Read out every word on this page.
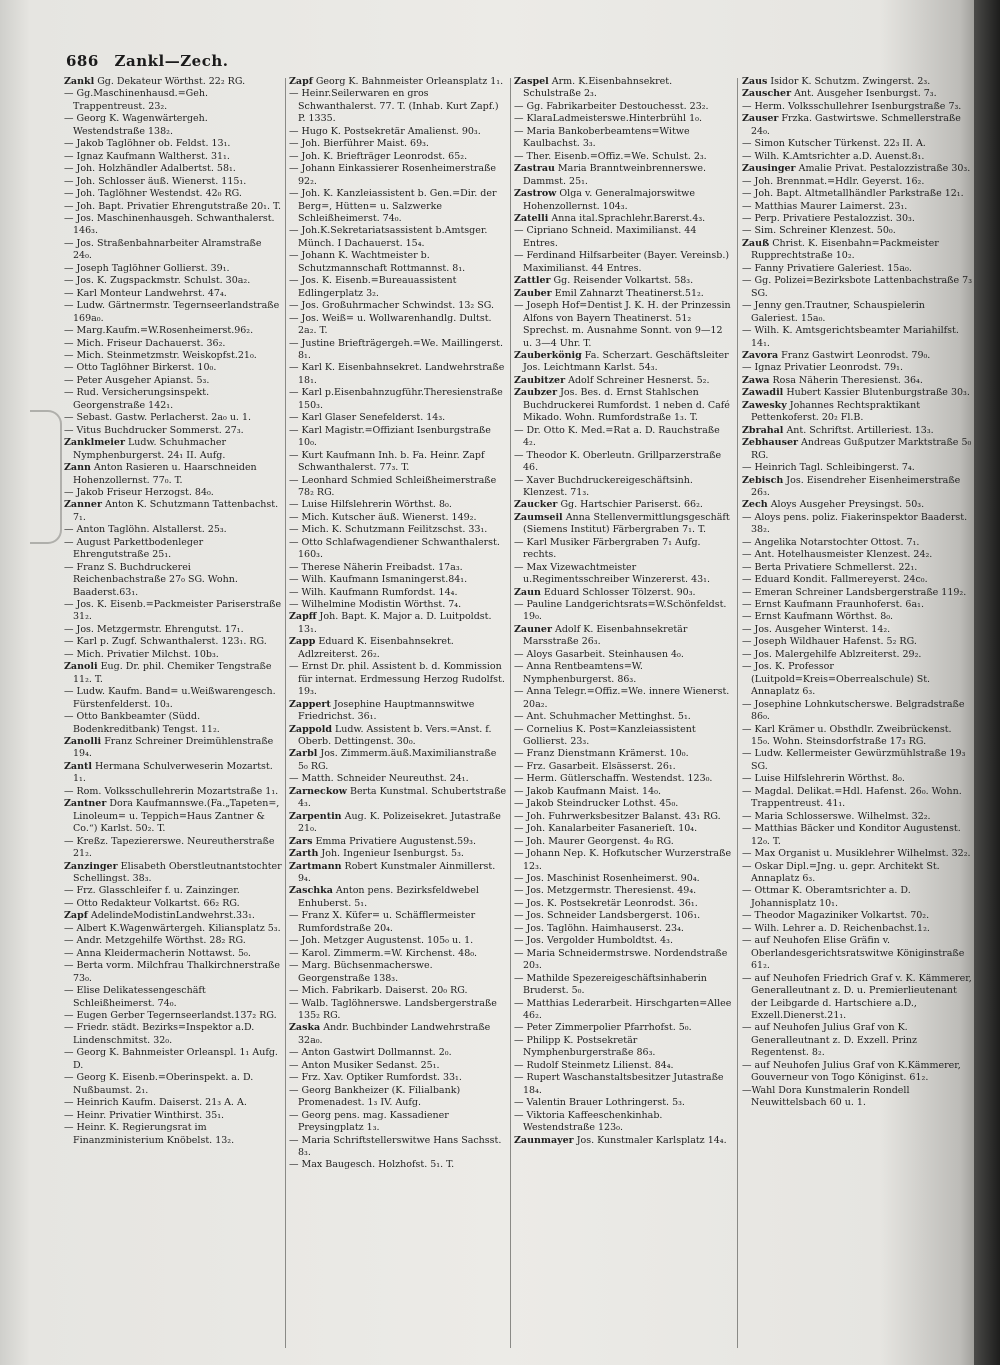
686 Zankl—Zech.
Zankl Gg. Dekateur Wörthst. 22₂ RG.
— Gg.Maschinenhausd.=Geh. Trappentreust. 23₂.
— Georg K. Wagenwärtergeh. Westendstraße 138₂.
— Jakob Taglöhner ob. Feldst. 13₁.
— Ignaz Kaufmann Waltherst. 31₁.
— Joh. Holzhändler Adalbertst. 58₁.
— Joh. Schlosser äuß. Wienerst. 115₁.
— Joh. Taglöhner Westendst. 42₀ RG.
— Joh. Bapt. Privatier Ehrengutstraße 20₁. T.
— Jos. Maschinenhausgeh. Schwanthalerst. 146₃.
— Jos. Straßenbahnarbeiter Alramstraße 24₀.
— Joseph Taglöhner Gollierst. 39₁.
— Jos. K. Zugspackmstr. Schulst. 30a₂.
— Karl Monteur Landwehrst. 47₄.
— Ludw. Gärtnermstr. Tegernseerlandstraße 169a₀.
— Marg.Kaufm.=W.Rosenheimerst.96₂.
— Mich. Friseur Dachauerst. 36₂.
— Mich. Steinmetzmstr. Weiskopfst.21₀.
— Otto Taglöhner Birkerst. 10₀.
— Peter Ausgeher Apianst. 5₃.
— Rud. Versicherungsinspekt. Georgenstraße 142₁.
— Sebast. Gastw. Perlacherst. 2a₀ u. 1.
— Vitus Buchdrucker Sommerst. 27₃.
Zanklmeier Ludw. Schuhmacher Nymphenburgerst. 24₁ II. Aufg.
Zann Anton Rasieren u. Haarschneiden Hohenzollernst. 77₀. T.
— Jakob Friseur Herzogst. 84₀.
Zanner Anton K. Schutzmann Tattenbachst. 7₁.
— Anton Taglöhn. Alstallerst. 25₃.
— August Parkettbodenleger Ehrengutstraße 25₁.
— Franz S. Buchdruckerei Reichenbachstraße 27₀ SG. Wohn. Baaderst.63₁.
— Jos. K. Eisenb.=Packmeister Pariserstraße 31₂.
— Jos. Metzgermstr. Ehrengutst. 17₁.
— Karl p. Zugf. Schwanthalerst. 123₁. RG.
— Mich. Privatier Milchst. 10b₃.
Zanoli Eug. Dr. phil. Chemiker Tengstraße 11₂. T.
— Ludw. Kaufm. Band= u.Weißwarengesch. Fürstenfelderst. 10₃.
— Otto Bankbeamter (Südd. Bodenkreditbank) Tengst. 11₂.
Zanolli Franz Schreiner Dreimühlenstraße 19₄.
Zantl Hermana Schulverweserin Mozartst. 1₁.
— Rom. Volksschullehrerin Mozartstraße 1₁.
Zantner Dora Kaufmannswe.(Fa.„Tapeten=, Linoleum= u. Teppich=Haus Zantner & Co.“) Karlst. 50₂. T.
— Kreßz. Tapeziererswe. Neureutherstraße 21₂.
Zanzinger Elisabeth Oberstleutnantstochter Schellingst. 38₃.
— Frz. Glasschleifer f. u. Zainzinger.
— Otto Redakteur Volkartst. 66₂ RG.
Zapf AdelindeModistinLandwehrst.33₁.
— Albert K.Wagenwärtergeh. Kiliansplatz 5₃.
— Andr. Metzgehilfe Wörthst. 28₂ RG.
— Anna Kleidermacherin Nottawst. 5₀.
— Berta vorm. Milchfrau Thalkirchnerstraße 73₀.
— Elise Delikatessengeschäft Schleißheimerst. 74₀.
— Eugen Gerber Tegernseerlandst.137₂ RG.
— Friedr. städt. Bezirks=Inspektor a.D. Lindenschmitst. 32₀.
— Georg K. Bahnmeister Orleanspl. 1₁ Aufg. D.
— Georg K. Eisenb.=Oberinspekt. a. D. Nußbaumst. 2₁.
— Heinrich Kaufm. Daiserst. 21₃ A. A.
— Heinr. Privatier Winthirst. 35₁.
— Heinr. K. Regierungsrat im Finanzministerium Knöbelst. 13₂.
Zapf Georg K. Bahnmeister Orleansplatz 1₁.
— Heinr.Seilerwaren en gros Schwanthalerst. 77. T. (Inhab. Kurt Zapf.) P. 1335.
— Hugo K. Postsekretär Amalienst. 90₃.
— Joh. Bierführer Maist. 69₃.
— Joh. K. Briefträger Leonrodst. 65₂.
— Johann Einkassierer Rosenheimerstraße 92₂.
— Joh. K. Kanzleiassistent b. Gen.=Dir. der Berg=, Hütten= u. Salzwerke Schleißheimerst. 74₀.
— Joh.K.Sekretariatsassistent b.Amtsger. Münch. I Dachauerst. 15₄.
— Johann K. Wachtmeister b. Schutzmannschaft Rottmannst. 8₁.
— Jos. K. Eisenb.=Bureauassistent Edlingerplatz 3₂.
— Jos. Großuhrmacher Schwindst. 13₂ SG.
— Jos. Weiß= u. Wollwarenhandlg. Dultst. 2a₂. T.
— Justine Briefträgergeh.=We. Maillingerst. 8₁.
— Karl K. Eisenbahnsekret. Landwehrstraße 18₁.
— Karl p.Eisenbahnzugführ.Theresienstraße 150₃.
— Karl Glaser Senefelderst. 14₃.
— Karl Magistr.=Offiziant Isenburgstraße 10₀.
— Kurt Kaufmann Inh. b. Fa. Heinr. Zapf Schwanthalerst. 77₃. T.
— Leonhard Schmied Schleißheimerstraße 78₂ RG.
— Luise Hilfslehrerin Wörthst. 8₀.
— Mich. Kutscher äuß. Wienerst. 149₂.
— Mich. K. Schutzmann Feilitzschst. 33₁.
— Otto Schlafwagendiener Schwanthalerst. 160₃.
— Therese Näherin Freibadst. 17a₃.
— Wilh. Kaufmann Ismaningerst.84₁.
— Wilh. Kaufmann Rumfordst. 14₄.
— Wilhelmine Modistin Wörthst. 7₄.
Zapff Joh. Bapt. K. Major a. D. Luitpoldst. 13₁.
Zapp Eduard K. Eisenbahnsekret. Adlzreiterst. 26₂.
— Ernst Dr. phil. Assistent b. d. Kommission für internat. Erdmessung Herzog Rudolfst. 19₃.
Zappert Josephine Hauptmannswitwe Friedrichst. 36₁.
Zappold Ludw. Assistent b. Vers.=Anst. f. Oberb. Dettingenst. 30₀.
Zarbl Jos. Zimmerm.äuß.Maximilianstraße 5₀ RG.
— Matth. Schneider Neureuthst. 24₁.
Zarneckow Berta Kunstmal. Schubertstraße 4₃.
Zarpentin Aug. K. Polizeisekret. Jutastraße 21₀.
Zars Emma Privatiere Augustenst.59₃.
Zarth Joh. Ingenieur Isenburgst. 5₃.
Zartmann Robert Kunstmaler Ainmillerst. 9₄.
Zaschka Anton pens. Bezirksfeldwebel Enhuberst. 5₁.
— Franz X. Küfer= u. Schäfflermeister Rumfordstraße 20₄.
— Joh. Metzger Augustenst. 105₀ u. 1.
— Karol. Zimmerm.=W. Kirchenst. 48₀.
— Marg. Büchsenmacherswe. Georgenstraße 138₃.
— Mich. Fabrikarb. Daiserst. 20₀ RG.
— Walb. Taglöhnerswe. Landsbergerstraße 135₂ RG.
Zaska Andr. Buchbinder Landwehrstraße 32a₀.
— Anton Gastwirt Dollmannst. 2₀.
— Anton Musiker Sedanst. 25₁.
— Frz. Xav. Optiker Rumfordst. 33₁.
— Georg Bankheizer (K. Filialbank) Promenadest. 1₃ IV. Aufg.
— Georg pens. mag. Kassadiener Preysingplatz 1₃.
— Maria Schriftstellerswitwe Hans Sachsst. 8₃.
— Max Baugesch. Holzhofst. 5₁. T.
Zaspel Arm. K.Eisenbahnsekret. Schulstraße 2₃.
— Gg. Fabrikarbeiter Destouchesst. 23₂.
— KlaraLadmeisterswe.Hinterbrühl 1₀.
— Maria Bankoberbeamtens=Witwe Kaulbachst. 3₃.
— Ther. Eisenb.=Offiz.=We. Schulst. 2₃.
Zastrau Maria Branntweinbrennerswe. Dammst. 25₁.
Zastrow Olga v. Generalmajorswitwe Hohenzollernst. 104₃.
Zatelli Anna ital.Sprachlehr.Barerst.4₃.
— Cipriano Schneid. Maximilianst. 44 Entres.
— Ferdinand Hilfsarbeiter (Bayer. Vereinsb.) Maximilianst. 44 Entres.
Zattler Gg. Reisender Volkartst. 58₃.
Zauber Emil Zahnarzt Theatinerst.51₂.
— Joseph Hof=Dentist J. K. H. der Prinzessin Alfons von Bayern Theatinerst. 51₂ Sprechst. m. Ausnahme Sonnt. von 9—12 u. 3—4 Uhr. T.
Zauberkönig Fa. Scherzart. Geschäftsleiter Jos. Leichtmann Karlst. 54₃.
Zaubitzer Adolf Schreiner Hesnerst. 5₂.
Zaubzer Jos. Bes. d. Ernst Stahlschen Buchdruckerei Rumfordst. 1 neben d. Café Mikado. Wohn. Rumfordstraße 1₃. T.
— Dr. Otto K. Med.=Rat a. D. Rauchstraße 4₂.
— Theodor K. Oberleutn. Grillparzerstraße 46.
— Xaver Buchdruckereigeschäftsinh. Klenzest. 71₃.
Zaucker Gg. Hartschier Pariserst. 66₂.
Zaumseil Anna Stellenvermittlungsgeschäft (Siemens Institut) Färbergraben 7₁. T.
— Karl Musiker Färbergraben 7₁ Aufg. rechts.
— Max Vizewachtmeister u.Regimentsschreiber Winzererst. 43₁.
Zaun Eduard Schlosser Tölzerst. 90₃.
— Pauline Landgerichtsrats=W.Schönfeldst. 19₀.
Zauner Adolf K. Eisenbahnsekretär Marsstraße 26₃.
— Aloys Gasarbeit. Steinhausen 4₀.
— Anna Rentbeamtens=W. Nymphenburgerst. 86₃.
— Anna Telegr.=Offiz.=We. innere Wienerst. 20a₂.
— Ant. Schuhmacher Mettinghst. 5₁.
— Cornelius K. Post=Kanzleiassistent Gollierst. 23₃.
— Franz Dienstmann Krämerst. 10₀.
— Frz. Gasarbeit. Elsässerst. 26₁.
— Herm. Gütlerschaffn. Westendst. 123₀.
— Jakob Kaufmann Maist. 14₀.
— Jakob Steindrucker Lothst. 45₀.
— Joh. Fuhrwerksbesitzer Balanst. 43₁ RG.
— Joh. Kanalarbeiter Fasanerieſt. 10₄.
— Joh. Maurer Georgenst. 4₀ RG.
— Johann Nep. K. Hofkutscher Wurzerstraße 12₃.
— Jos. Maschinist Rosenheimerst. 90₄.
— Jos. Metzgermstr. Theresienst. 49₄.
— Jos. K. Postsekretär Leonrodst. 36₁.
— Jos. Schneider Landsbergerst. 106₁.
— Jos. Taglöhn. Haimhauserst. 23₄.
— Jos. Vergolder Humboldtst. 4₃.
— Maria Schneidermstrswe. Nordendstraße 20₃.
— Mathilde Spezereigeschäftsinhaberin Bruderst. 5₀.
— Matthias Lederarbeit. Hirschgarten=Allee 46₂.
— Peter Zimmerpolier Pfarrhofst. 5₀.
— Philipp K. Postsekretär Nymphenburgerstraße 86₃.
— Rudolf Steinmetz Lilienst. 84₄.
— Rupert Waschanstaltsbesitzer Jutastraße 18₄.
— Valentin Brauer Lothringerst. 5₃.
— Viktoria Kaffeeschenkinhab. Westendstraße 123₀.
Zaunmayer Jos. Kunstmaler Karlsplatz 14₄.
Zaus Isidor K. Schutzm. Zwingerst. 2₃.
Zauscher Ant. Ausgeher Isenburgst. 7₃.
— Herm. Volksschullehrer Isenburgstraße 7₃.
Zauser Frzka. Gastwirtswe. Schmellerstraße 24₀.
— Simon Kutscher Türkenst. 22₃ II. A.
— Wilh. K.Amtsrichter a.D. Auenst.8₁.
Zausinger Amalie Privat. Pestalozzistraße 30₃.
— Joh. Brennmat.=Hdlr. Geyerst. 16₂.
— Joh. Bapt. Altmetallhändler Parkstraße 12₁.
— Matthias Maurer Laimerst. 23₁.
— Perp. Privatiere Pestalozzist. 30₃.
— Sim. Schreiner Klenzest. 50₀.
Zauß Christ. K. Eisenbahn=Packmeister Rupprechtstraße 10₂.
— Fanny Privatiere Galeriest. 15a₀.
— Gg. Polizei=Bezirksbote Lattenbachstraße 7₃ SG.
— Jenny gen.Trautner, Schauspielerin Galeriest. 15a₀.
— Wilh. K. Amtsgerichtsbeamter Mariahilfst. 14₁.
Zavora Franz Gastwirt Leonrodst. 79₀.
— Ignaz Privatier Leonrodst. 79₁.
Zawa Rosa Näherin Theresienst. 36₄.
Zawadil Hubert Kassier Blutenburgstraße 30₃.
Zawesky Johannes Rechtspraktikant Pettenkoferst. 20₂ Fl.B.
Zbrahal Ant. Schriftst. Artilleriest. 13₃.
Zebhauser Andreas Gußputzer Marktstraße 5₀ RG.
— Heinrich Tagl. Schleibingerst. 7₄.
Zebisch Jos. Eisendreher Eisenheimerstraße 26₃.
Zech Aloys Ausgeher Preysingst. 50₃.
— Aloys pens. poliz. Fiakerinspektor Baaderst. 38₂.
— Angelika Notarstochter Ottost. 7₁.
— Ant. Hotelhausmeister Klenzest. 24₂.
— Berta Privatiere Schmellerst. 22₁.
— Eduard Kondit. Fallmereyerst. 24c₀.
— Emeran Schreiner Landsbergerstraße 119₂.
— Ernst Kaufmann Fraunhoferst. 6a₁.
— Ernst Kaufmann Wörthst. 8₀.
— Jos. Ausgeher Winterst. 14₂.
— Joseph Wildhauer Hafenst. 5₂ RG.
— Jos. Malergehilfe Ablzreiterst. 29₂.
— Jos. K. Professor (Luitpold=Kreis=Oberrealschule) St. Annaplatz 6₃.
— Josephine Lohnkutscherswe. Belgradstraße 86₀.
— Karl Krämer u. Obsthdlr. Zweibrückenst. 15₀. Wohn. Steinsdorfstraße 17₃ RG.
— Ludw. Kellermeister Gewürzmühlstraße 19₃ SG.
— Luise Hilfslehrerin Wörthst. 8₀.
— Magdal. Delikat.=Hdl. Hafenst. 26₀. Wohn. Trappentreust. 41₁.
— Maria Schlosserswe. Wilhelmst. 32₂.
— Matthias Bäcker und Konditor Augustenst. 12₀. T.
— Max Organist u. Musiklehrer Wilhelmst. 32₂.
— Oskar Dipl.=Jng. u. gepr. Architekt St. Annaplatz 6₃.
— Ottmar K. Oberamtsrichter a. D. Johannisplatz 10₁.
— Theodor Magaziniker Volkartst. 70₂.
— Wilh. Lehrer a. D. Reichenbachst.1₂.
— auf Neuhofen Elise Gräfin v. Oberlandesgerichtsratswitwe Königinstraße 61₂.
— auf Neuhofen Friedrich Graf v. K. Kämmerer, Generalleutnant z. D. u. Premierlieutenant der Leibgarde d. Hartschiere a.D., Exzell.Dienerst.21₁.
— auf Neuhofen Julius Graf von K. Generalleutnant z. D. Exzell. Prinz Regentenst. 8₂.
— auf Neuhofen Julius Graf von K.Kämmerer, Gouverneur von Togo Königinst. 61₂.
—Wahl Dora Kunstmalerin Rondell Neuwittelsbach 60 u. 1.
